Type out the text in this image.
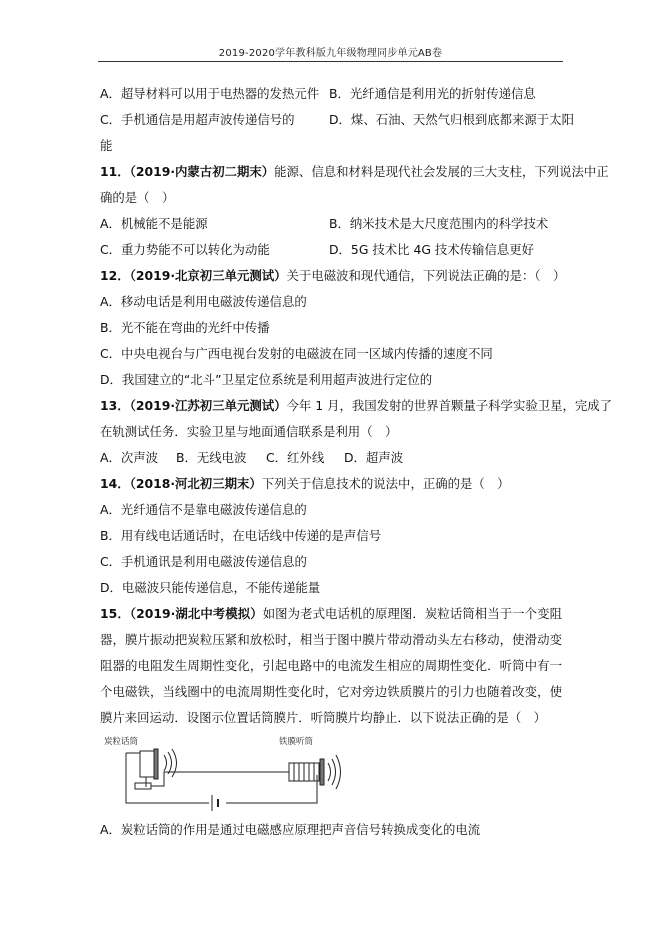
2019-2020学年教科版九年级物理同步单元AB卷
A．超导材料可以用于电热器的发热元件 B．光纤通信是利用光的折射传递信息
C．手机通信是用超声波传递信号的	D．煤、石油、天然气归根到底都来源于太阳
能
11．（2019·内蒙古初二期末）能源、信息和材料是现代社会发展的三大支柱，下列说法中正
确的是（　）
A．机械能不是能源	B．纳米技术是大尺度范围内的科学技术
C．重力势能不可以转化为动能	D．5G 技术比 4G 技术传输信息更好
12．（2019·北京初三单元测试）关于电磁波和现代通信，下列说法正确的是：（　）
A．移动电话是利用电磁波传递信息的
B．光不能在弯曲的光纤中传播
C．中央电视台与广西电视台发射的电磁波在同一区域内传播的速度不同
D．我国建立的“北斗”卫星定位系统是利用超声波进行定位的
13．（2019·江苏初三单元测试）今年 1 月，我国发射的世界首颗量子科学实验卫星，完成了
在轨测试任务．实验卫星与地面通信联系是利用（　）
A．次声波 B．无线电波 C．红外线 D．超声波
14．（2018·河北初三期末）下列关于信息技术的说法中，正确的是（　）
A．光纤通信不是靠电磁波传递信息的
B．用有线电话通话时，在电话线中传递的是声信号
C．手机通讯是利用电磁波传递信息的
D．电磁波只能传递信息，不能传递能量
15．（2019·湖北中考模拟）如图为老式电话机的原理图．炭粒话筒相当于一个变阻器，膜片振动把炭粒压紧和放松时，相当于图中膜片带动滑动头左右移动，使滑动变阻器的电阻发生周期性变化，引起电路中的电流发生相应的周期性变化．听筒中有一个电磁铁，当线圈中的电流周期性变化时，它对旁边铁质膜片的引力也随着改变，使膜片来回运动．设图示位置话筒膜片．听筒膜片均静止．以下说法正确的是（　）
炭粒话筒	铁膜听筒
A．炭粒话筒的作用是通过电磁感应原理把声音信号转换成变化的电流
